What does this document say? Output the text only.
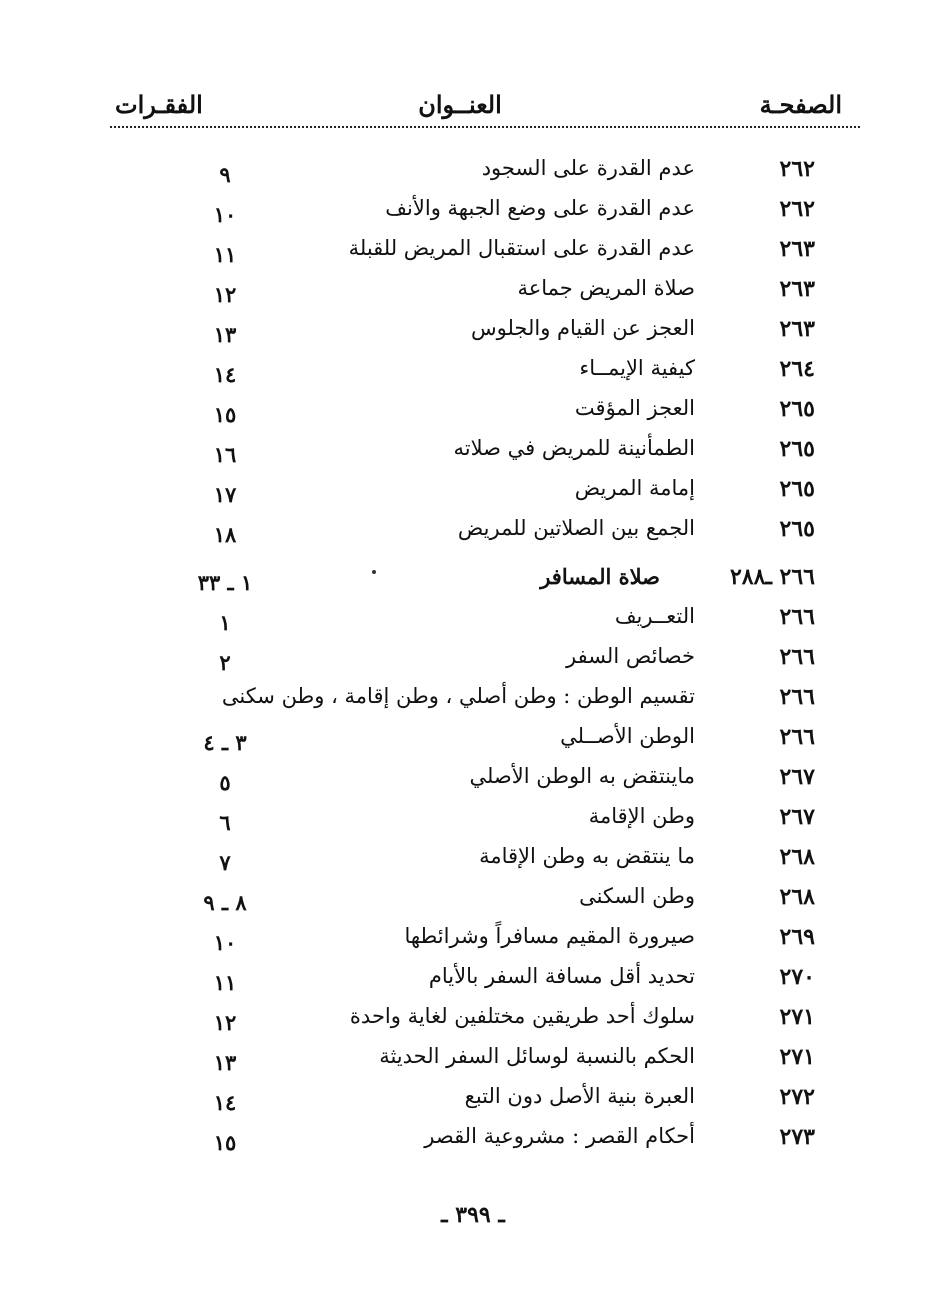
الصفحـة
العنــوان
الفقـرات
٢٦٢
عدم القدرة على السجود
٩
٢٦٢
عدم القدرة على وضع الجبهة والأنف
١٠
٢٦٣
عدم القدرة على استقبال المريض للقبلة
١١
٢٦٣
صلاة المريض جماعة
١٢
٢٦٣
العجز عن القيام والجلوس
١٣
٢٦٤
كيفية الإيمــاء
١٤
٢٦٥
العجز المؤقت
١٥
٢٦٥
الطمأنينة للمريض في صلاته
١٦
٢٦٥
إمامة المريض
١٧
٢٦٥
الجمع بين الصلاتين للمريض
١٨
٢٦٦ ـ٢٨٨
صلاة المسافر
١ ـ ٣٣
٢٦٦
التعــريف
١
٢٦٦
خصائص السفر
٢
٢٦٦
تقسيم الوطن : وطن أصلي ، وطن إقامة ، وطن سكنى
٢٦٦
الوطن الأصــلي
٣ ـ ٤
٢٦٧
ماينتقض به الوطن الأصلي
٥
٢٦٧
وطن الإقامة
٦
٢٦٨
ما ينتقض به وطن الإقامة
٧
٢٦٨
وطن السكنى
٨ ـ ٩
٢٦٩
صيرورة المقيم مسافراً وشرائطها
١٠
٢٧٠
تحديد أقل مسافة السفر بالأيام
١١
٢٧١
سلوك أحد طريقين مختلفين لغاية واحدة
١٢
٢٧١
الحكم بالنسبة لوسائل السفر الحديثة
١٣
٢٧٢
العبرة بنية الأصل دون التبع
١٤
٢٧٣
أحكام القصر : مشروعية القصر
١٥
ـ ٣٩٩ ـ
